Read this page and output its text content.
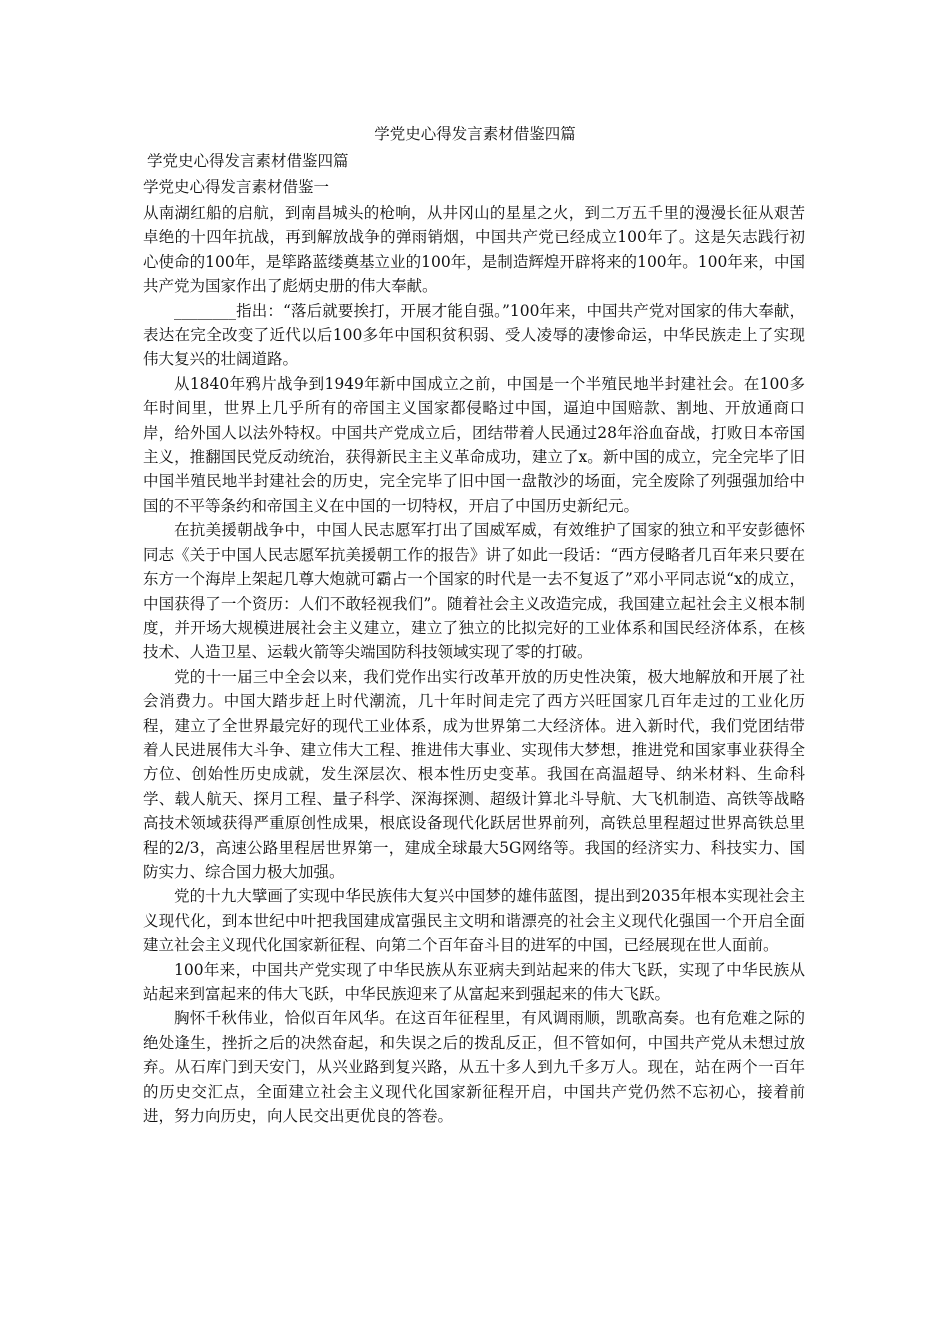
学党史心得发言素材借鉴四篇
学党史心得发言素材借鉴四篇
学党史心得发言素材借鉴一

从南湖红船的启航，到南昌城头的枪响，从井冈山的星星之火，到二万五千里的漫漫长征从艰苦卓绝的十四年抗战，再到解放战争的弹雨销烟，中国共产党已经成立100年了。这是矢志践行初心使命的100年，是筚路蓝缕奠基立业的100年，是制造辉煌开辟将来的100年。100年来，中国共产党为国家作出了彪炳史册的伟大奉献。

________指出：“落后就要挨打，开展才能自强。”100年来，中国共产党对国家的伟大奉献，表达在完全改变了近代以后100多年中国积贫积弱、受人凌辱的凄惨命运，中华民族走上了实现伟大复兴的壮阔道路。

从1840年鸦片战争到1949年新中国成立之前，中国是一个半殖民地半封建社会。在100多年时间里，世界上几乎所有的帝国主义国家都侵略过中国，逼迫中国赔款、割地、开放通商口岸，给外国人以法外特权。中国共产党成立后，团结带着人民通过28年浴血奋战，打败日本帝国主义，推翻国民党反动统治，获得新民主主义革命成功，建立了x。新中国的成立，完全完毕了旧中国半殖民地半封建社会的历史，完全完毕了旧中国一盘散沙的场面，完全废除了列强强加给中国的不平等条约和帝国主义在中国的一切特权，开启了中国历史新纪元。

在抗美援朝战争中，中国人民志愿军打出了国威军威，有效维护了国家的独立和平安彭德怀同志《关于中国人民志愿军抗美援朝工作的报告》讲了如此一段话：“西方侵略者几百年来只要在东方一个海岸上架起几尊大炮就可霸占一个国家的时代是一去不复返了”邓小平同志说“x的成立，中国获得了一个资历：人们不敢轻视我们”。随着社会主义改造完成，我国建立起社会主义根本制度，并开场大规模进展社会主义建立，建立了独立的比拟完好的工业体系和国民经济体系，在核技术、人造卫星、运载火箭等尖端国防科技领域实现了零的打破。

党的十一届三中全会以来，我们党作出实行改革开放的历史性决策，极大地解放和开展了社会消费力。中国大踏步赶上时代潮流，几十年时间走完了西方兴旺国家几百年走过的工业化历程，建立了全世界最完好的现代工业体系，成为世界第二大经济体。进入新时代，我们党团结带着人民进展伟大斗争、建立伟大工程、推进伟大事业、实现伟大梦想，推进党和国家事业获得全方位、创始性历史成就，发生深层次、根本性历史变革。我国在高温超导、纳米材料、生命科学、载人航天、探月工程、量子科学、深海探测、超级计算北斗导航、大飞机制造、高铁等战略高技术领域获得严重原创性成果，根底设备现代化跃居世界前列，高铁总里程超过世界高铁总里程的2/3，高速公路里程居世界第一，建成全球最大5G网络等。我国的经济实力、科技实力、国防实力、综合国力极大加强。

党的十九大擘画了实现中华民族伟大复兴中国梦的雄伟蓝图，提出到2035年根本实现社会主义现代化，到本世纪中叶把我国建成富强民主文明和谐漂亮的社会主义现代化强国一个开启全面建立社会主义现代化国家新征程、向第二个百年奋斗目的进军的中国，已经展现在世人面前。

100年来，中国共产党实现了中华民族从东亚病夫到站起来的伟大飞跃，实现了中华民族从站起来到富起来的伟大飞跃，中华民族迎来了从富起来到强起来的伟大飞跃。

胸怀千秋伟业，恰似百年风华。在这百年征程里，有风调雨顺，凯歌高奏。也有危难之际的绝处逢生，挫折之后的决然奋起，和失误之后的拨乱反正，但不管如何，中国共产党从未想过放弃。从石库门到天安门，从兴业路到复兴路，从五十多人到九千多万人。现在，站在两个一百年的历史交汇点，全面建立社会主义现代化国家新征程开启，中国共产党仍然不忘初心，接着前进，努力向历史，向人民交出更优良的答卷。
